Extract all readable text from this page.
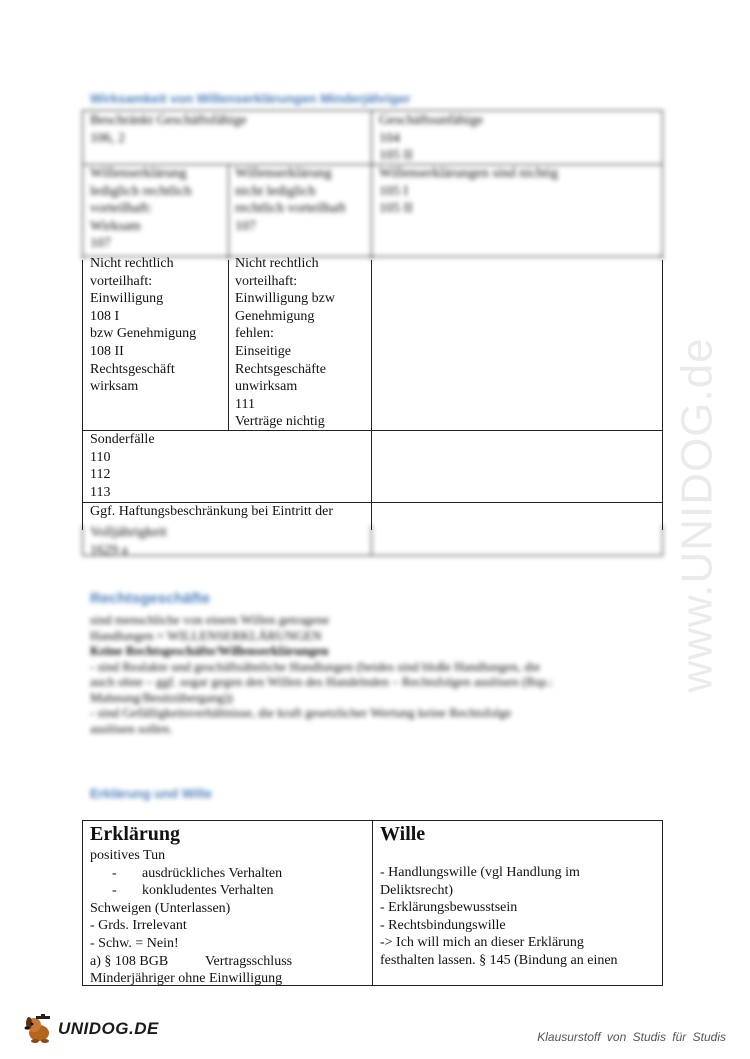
www.UNIDOG.de
Wirksamkeit von Willenserklärungen Minderjähriger
Beschränkt Geschäftsfähige
106, 2
Geschäftsunfähige
104
105 II
Willenserklärung
lediglich rechtlich
vorteilhaft:
Wirksam
107
Willenserklärung
nicht lediglich
rechtlich vorteilhaft
107
Willenserklärungen sind nichtig
105 I
105 II
Nicht rechtlich
vorteilhaft:
Einwilligung
108 I
bzw Genehmigung
108 II
Rechtsgeschäft
wirksam
Nicht rechtlich
vorteilhaft:
Einwilligung bzw
Genehmigung
fehlen:
Einseitige
Rechtsgeschäfte
unwirksam
111
Verträge nichtig
Sonderfälle
110
112
113
Ggf. Haftungsbeschränkung bei Eintritt der
Volljährigkeit
1629 a
Rechtsgeschäfte
sind menschliche von einem Willen getragene
Handlungen = WILLENSERKLÄRUNGEN
Keine Rechtsgeschäfte/Willenserklärungen
- sind Realakte und geschäftsähnliche Handlungen (beides sind bloße Handlungen, die
auch ohne – ggf. sogar gegen den Willen des Handelnden – Rechtsfolgen auslösen (Bsp.:
Mahnung/Besitzübergang))
- sind Gefälligkeitsverhältnisse, die kraft gesetzlicher Wertung keine Rechtsfolge
auslösen sollen.
Erklärung und Wille
Erklärung
positives Tun
- ausdrückliches Verhalten
- konkludentes Verhalten
Schweigen (Unterlassen)
- Grds. Irrelevant
- Schw. = Nein!
a) § 108 BGB	Vertragsschluss
Minderjähriger ohne Einwilligung
Wille
- Handlungswille (vgl Handlung im
Deliktsrecht)
- Erklärungsbewusstsein
- Rechtsbindungswille
-> Ich will mich an dieser Erklärung
festhalten lassen. § 145 (Bindung an einen
UNIDOG.DE	Klausurstoff von Studis für Studis
